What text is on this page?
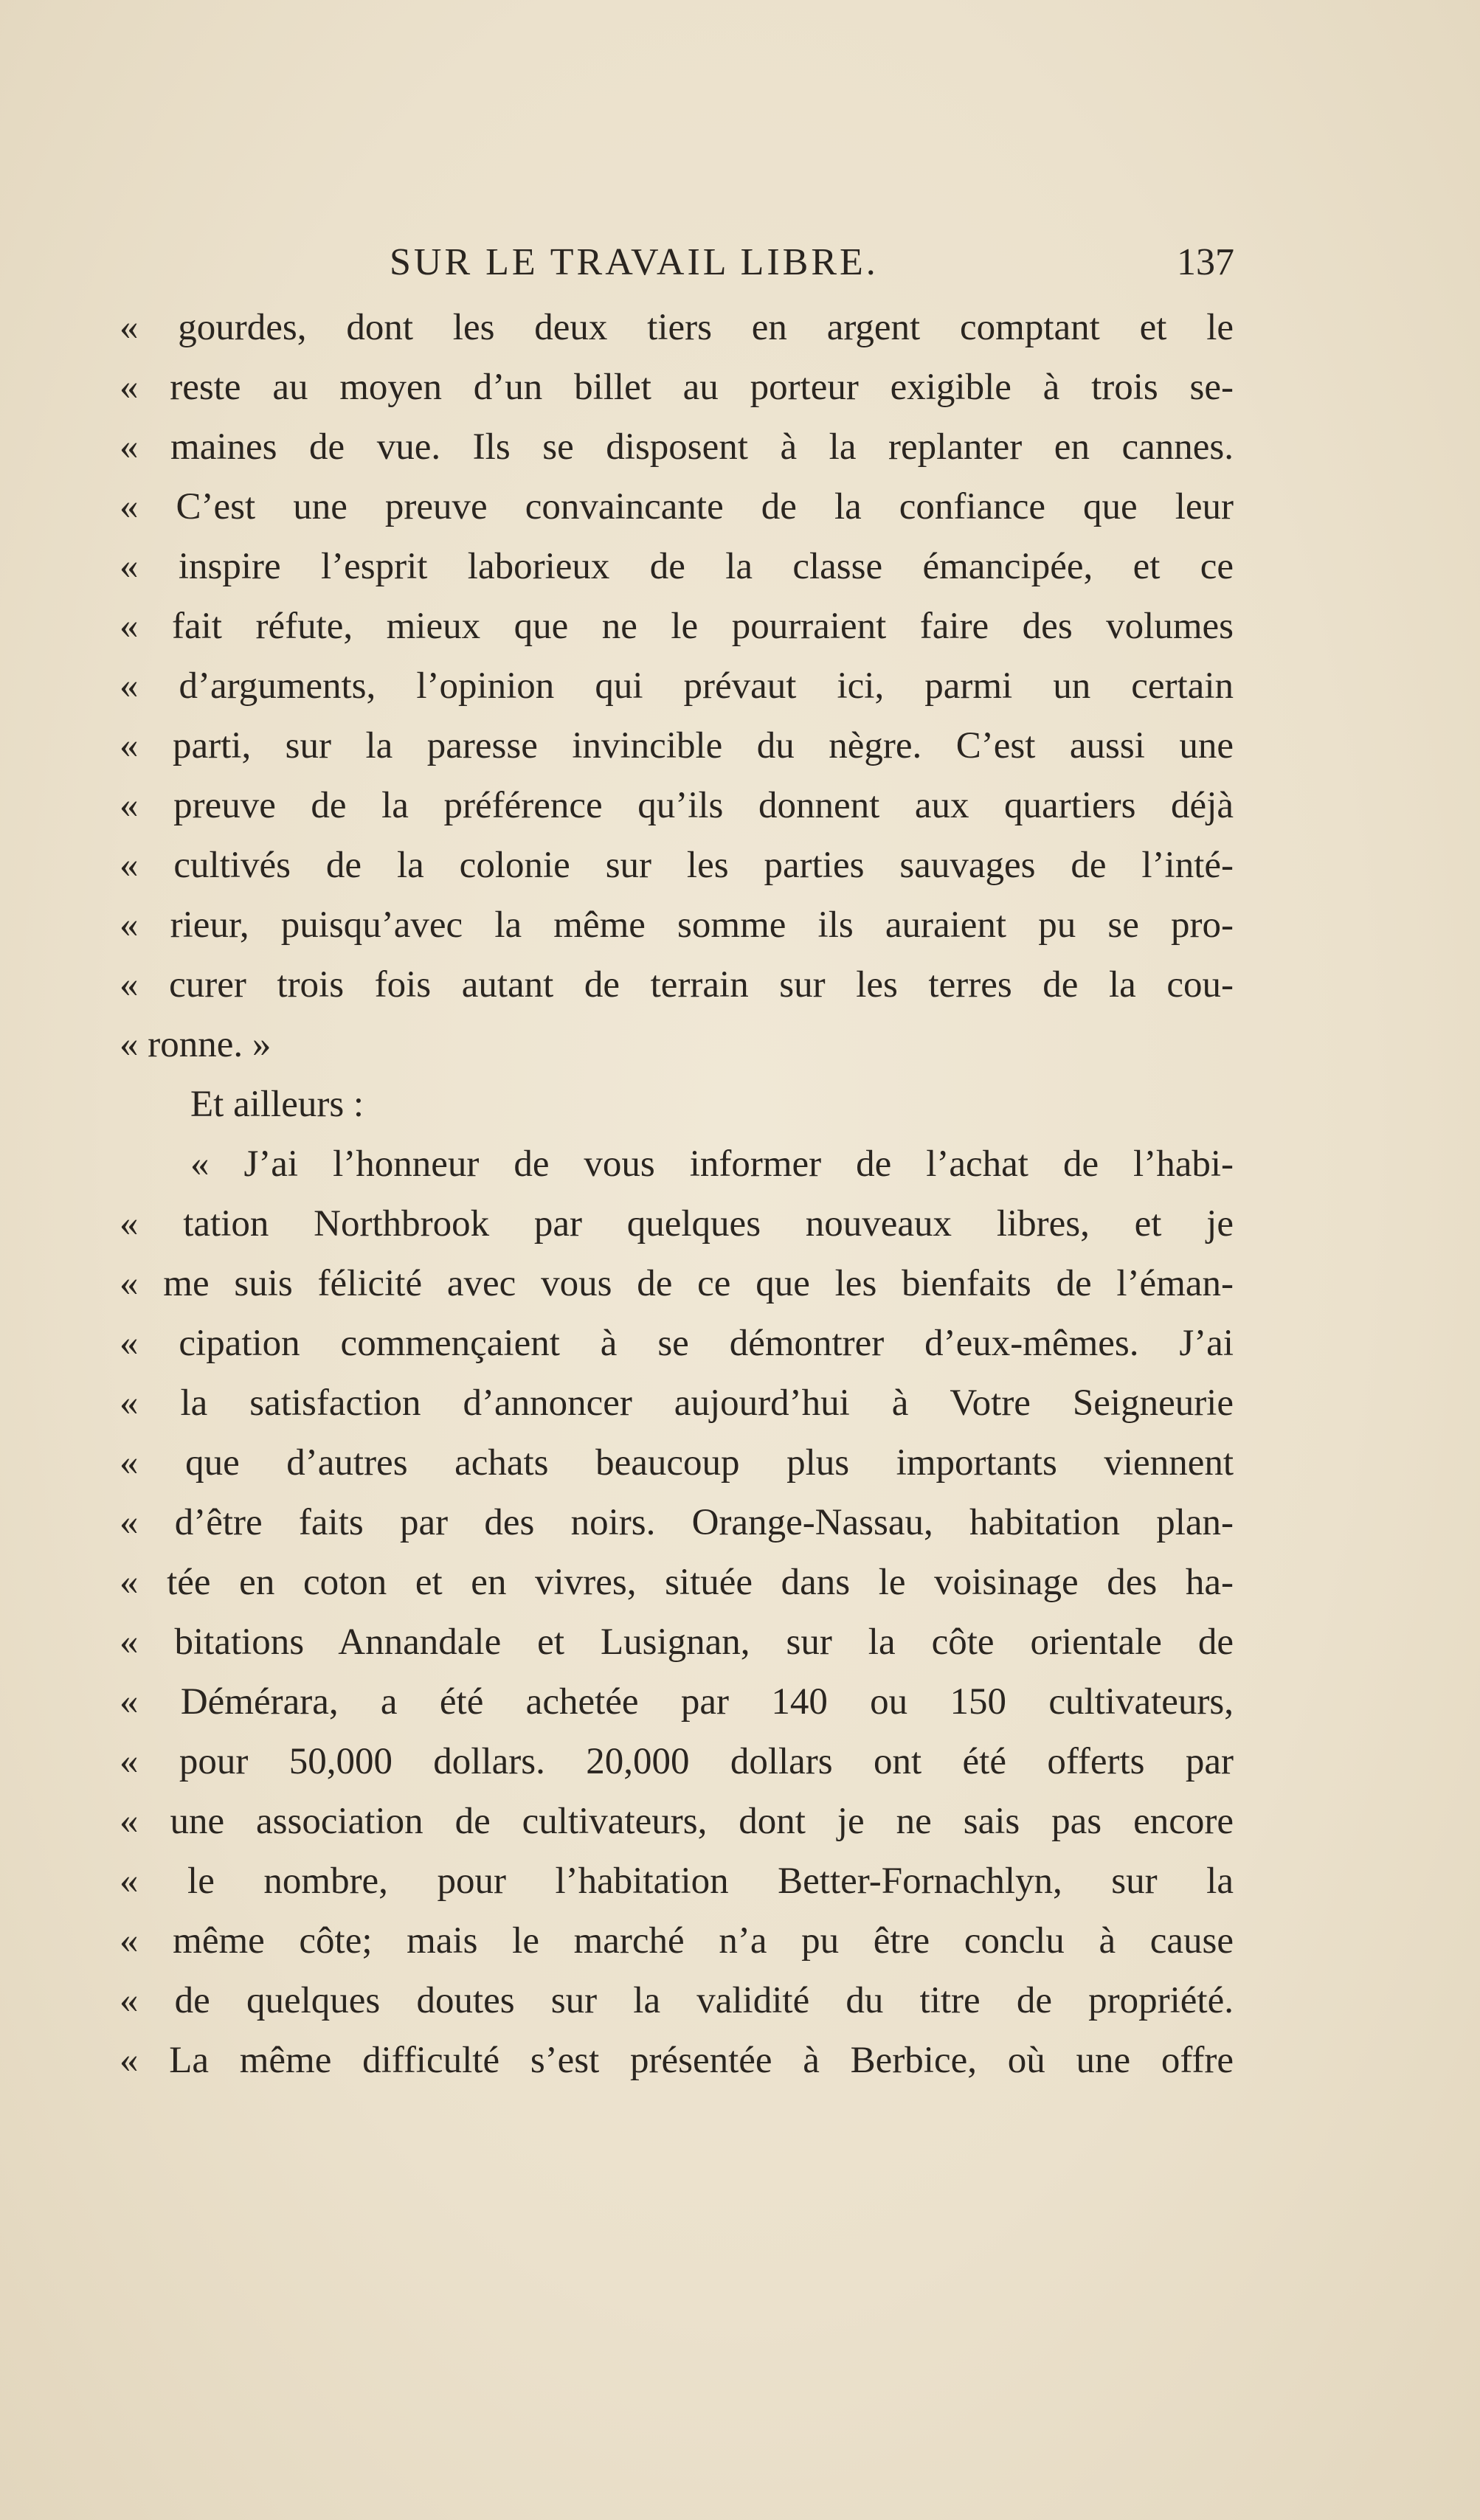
SUR LE TRAVAIL LIBRE.	137
« gourdes, dont les deux tiers en argent comptant et le
« reste au moyen d’un billet au porteur exigible à trois se-
« maines de vue. Ils se disposent à la replanter en cannes.
« C’est une preuve convaincante de la confiance que leur
« inspire l’esprit laborieux de la classe émancipée, et ce
« fait réfute, mieux que ne le pourraient faire des volumes
« d’arguments, l’opinion qui prévaut ici, parmi un certain
« parti, sur la paresse invincible du nègre. C’est aussi une
« preuve de la préférence qu’ils donnent aux quartiers déjà
« cultivés de la colonie sur les parties sauvages de l’inté-
« rieur, puisqu’avec la même somme ils auraient pu se pro-
« curer trois fois autant de terrain sur les terres de la cou-
« ronne. »
Et ailleurs :
« J’ai l’honneur de vous informer de l’achat de l’habi-
« tation Northbrook par quelques nouveaux libres, et je
« me suis félicité avec vous de ce que les bienfaits de l’éman-
« cipation commençaient à se démontrer d’eux-mêmes. J’ai
« la satisfaction d’annoncer aujourd’hui à Votre Seigneurie
« que d’autres achats beaucoup plus importants viennent
« d’être faits par des noirs. Orange-Nassau, habitation plan-
« tée en coton et en vivres, située dans le voisinage des ha-
« bitations Annandale et Lusignan, sur la côte orientale de
« Démérara, a été achetée par 140 ou 150 cultivateurs,
« pour 50,000 dollars. 20,000 dollars ont été offerts par
« une association de cultivateurs, dont je ne sais pas encore
« le nombre, pour l’habitation Better-Fornachlyn, sur la
« même côte; mais le marché n’a pu être conclu à cause
« de quelques doutes sur la validité du titre de propriété.
« La même difficulté s’est présentée à Berbice, où une offre
